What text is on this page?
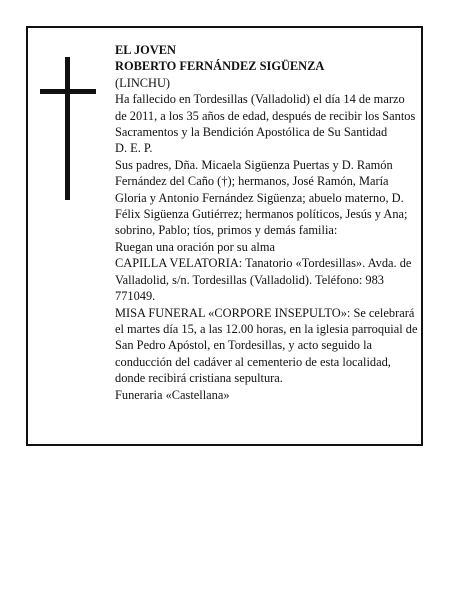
EL JOVEN

ROBERTO FERNÁNDEZ SIGÜENZA

(LINCHU)

Ha fallecido en Tordesillas (Valladolid) el día 14 de marzo de 2011, a los 35 años de edad, después de recibir los Santos Sacramentos y la Bendición Apostólica de Su Santidad

D. E. P.

Sus padres, Dña. Micaela Sigüenza Puertas y D. Ramón Fernández del Caño (†); hermanos, José Ramón, María Gloria y Antonio Fernández Sigüenza; abuelo materno, D. Félix Sigüenza Gutiérrez; hermanos políticos, Jesús y Ana; sobrino, Pablo; tíos, primos y demás familia:

Ruegan una oración por su alma

CAPILLA VELATORIA: Tanatorio «Tordesillas». Avda. de Valladolid, s/n. Tordesillas (Valladolid). Teléfono: 983 771049.

MISA FUNERAL «CORPORE INSEPULTO»: Se celebrará el martes día 15, a las 12.00 horas, en la iglesia parroquial de San Pedro Apóstol, en Tordesillas, y acto seguido la conducción del cadáver al cementerio de esta localidad, donde recibirá cristiana sepultura.

Funeraria «Castellana»
